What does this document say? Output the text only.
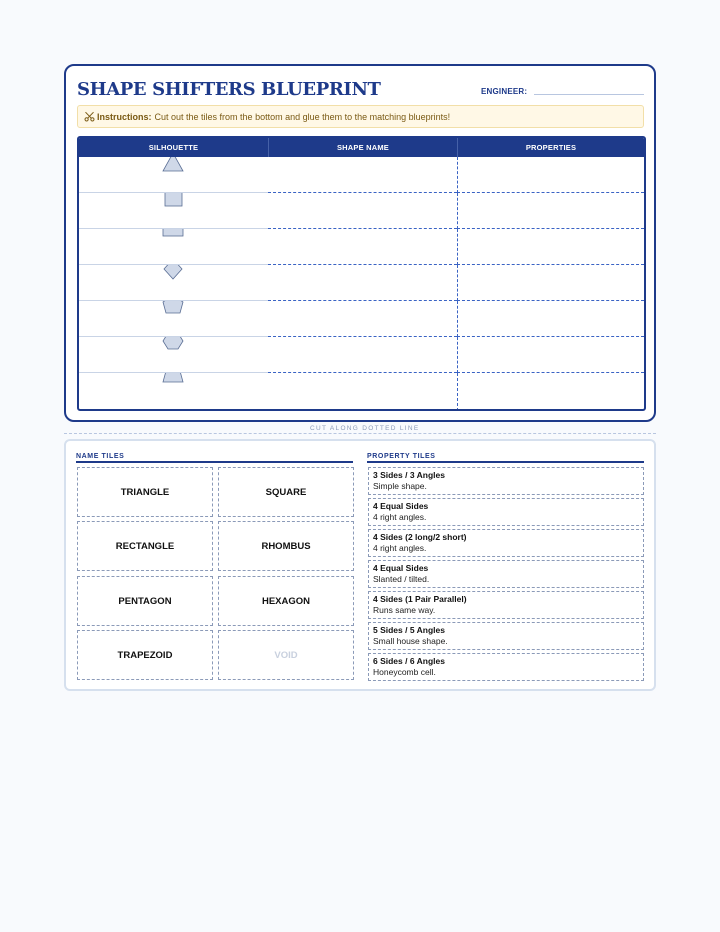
SHAPE SHIFTERS BLUEPRINT	ENGINEER:
Instructions: Cut out the tiles from the bottom and glue them to the matching blueprints!
SILHOUETTE	SHAPE NAME	PROPERTIES
CUT ALONG DOTTED LINE
NAME TILES	PROPERTY TILES
TRIANGLE	SQUARE
RECTANGLE	RHOMBUS
PENTAGON	HEXAGON
TRAPEZOID	VOID
3 Sides / 3 Angles
Simple shape.
4 Equal Sides
4 right angles.
4 Sides (2 long/2 short)
4 right angles.
4 Equal Sides
Slanted / tilted.
4 Sides (1 Pair Parallel)
Runs same way.
5 Sides / 5 Angles
Small house shape.
6 Sides / 6 Angles
Honeycomb cell.
